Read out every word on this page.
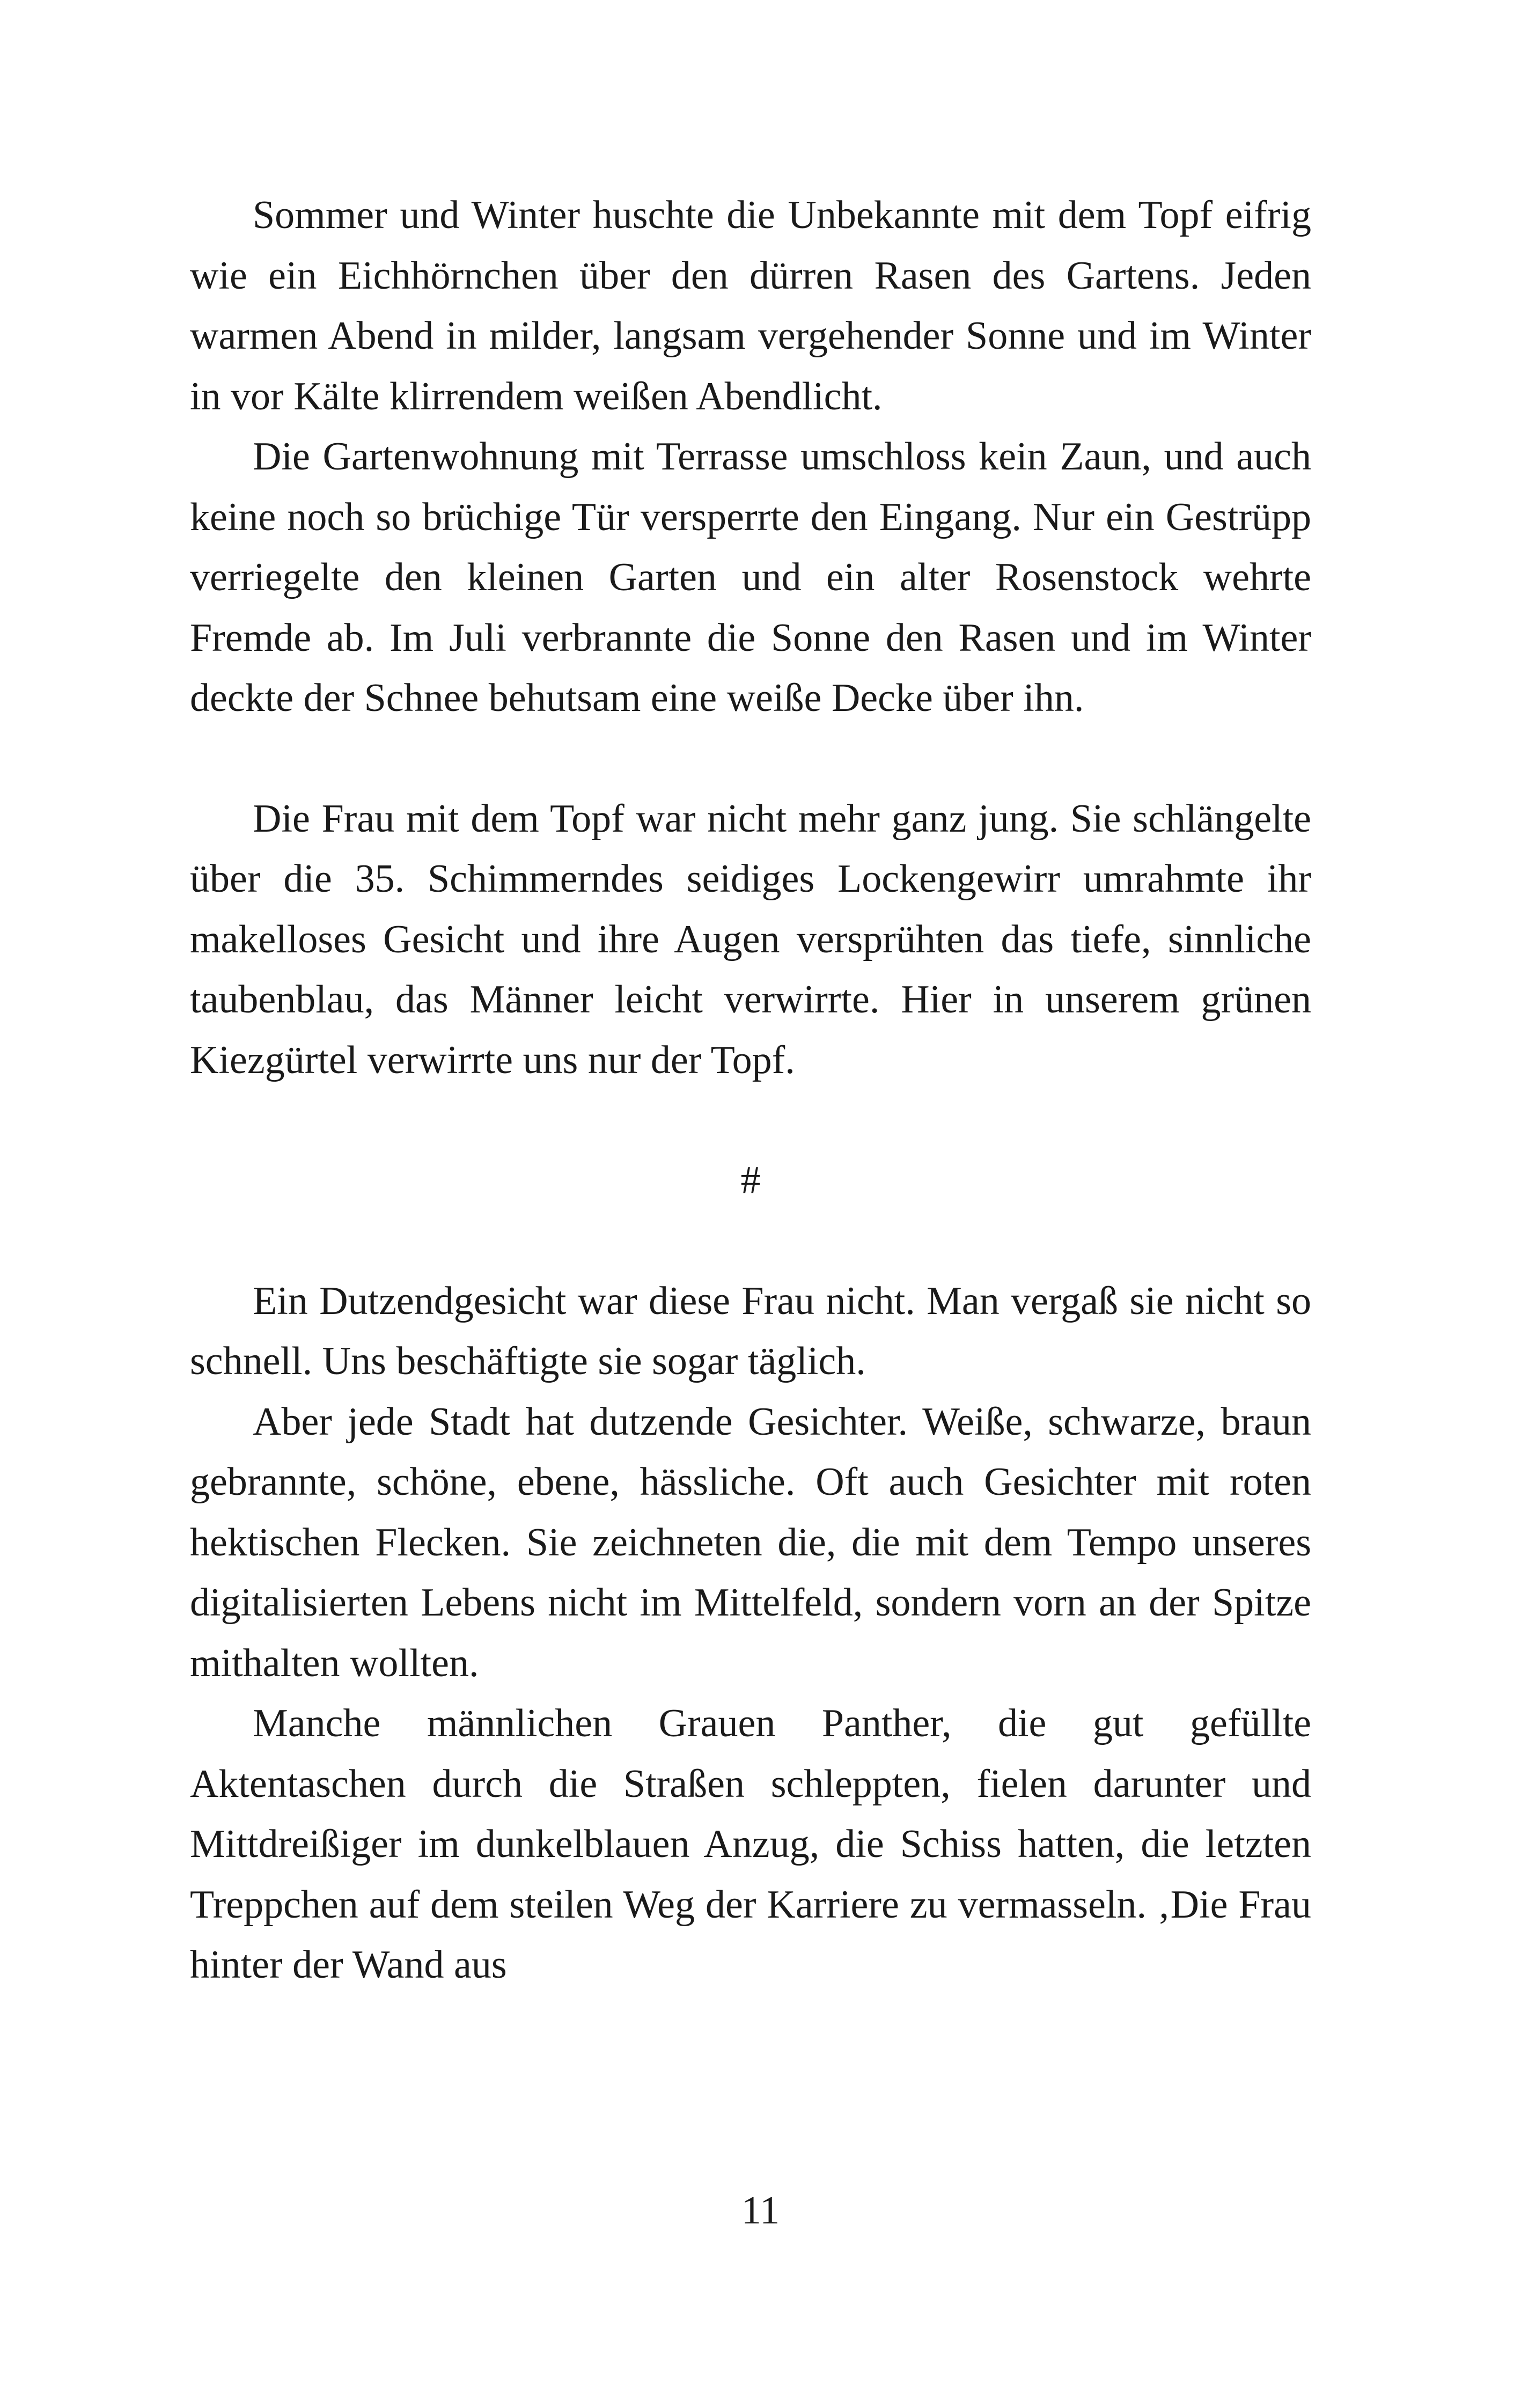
Sommer und Winter huschte die Unbekannte mit dem Topf eifrig wie ein Eichhörnchen über den dürren Rasen des Gartens. Jeden warmen Abend in milder, langsam vergehender Sonne und im Winter in vor Kälte klirrendem weißen Abendlicht.

Die Gartenwohnung mit Terrasse umschloss kein Zaun, und auch keine noch so brüchige Tür versperrte den Eingang. Nur ein Gestrüpp verriegelte den kleinen Garten und ein alter Rosenstock wehrte Fremde ab. Im Juli verbrannte die Sonne den Rasen und im Winter deckte der Schnee behutsam eine weiße Decke über ihn.

Die Frau mit dem Topf war nicht mehr ganz jung. Sie schlängelte über die 35. Schimmerndes seidiges Lockengewirr umrahmte ihr makelloses Gesicht und ihre Augen versprühten das tiefe, sinnliche taubenblau, das Männer leicht verwirrte. Hier in unserem grünen Kiezgürtel verwirrte uns nur der Topf.

#

Ein Dutzendgesicht war diese Frau nicht. Man vergaß sie nicht so schnell. Uns beschäftigte sie sogar täglich.

Aber jede Stadt hat dutzende Gesichter. Weiße, schwarze, braun gebrannte, schöne, ebene, hässliche. Oft auch Gesichter mit roten hektischen Flecken. Sie zeichneten die, die mit dem Tempo unseres digitalisierten Lebens nicht im Mittelfeld, sondern vorn an der Spitze mithalten wollten.

Manche männlichen Grauen Panther, die gut gefüllte Aktentaschen durch die Straßen schleppten, fielen darunter und Mittdreißiger im dunkelblauen Anzug, die Schiss hatten, die letzten Treppchen auf dem steilen Weg der Karriere zu vermasseln. ‚Die Frau hinter der Wand aus

11
